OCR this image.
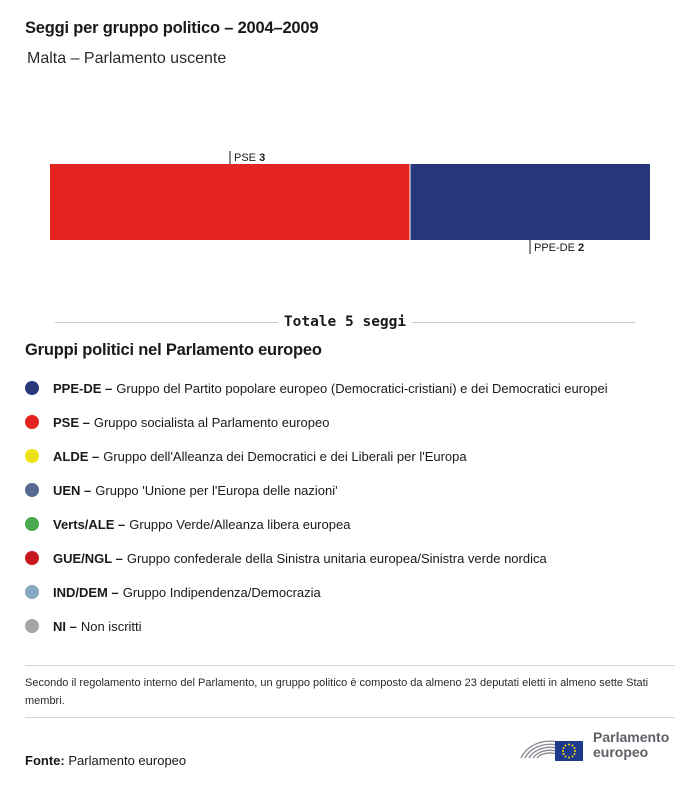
Seggi per gruppo politico – 2004–2009
Malta – Parlamento uscente
PSE 3
PPE-DE 2
Totale 5 seggi
Gruppi politici nel Parlamento europeo
PPE-DE – Gruppo del Partito popolare europeo (Democratici-cristiani) e dei Democratici europei
PSE – Gruppo socialista al Parlamento europeo
ALDE – Gruppo dell'Alleanza dei Democratici e dei Liberali per l'Europa
UEN – Gruppo 'Unione per l'Europa delle nazioni'
Verts/ALE – Gruppo Verde/Alleanza libera europea
GUE/NGL – Gruppo confederale della Sinistra unitaria europea/Sinistra verde nordica
IND/DEM – Gruppo Indipendenza/Democrazia
NI – Non iscritti
Secondo il regolamento interno del Parlamento, un gruppo politico è composto da almeno 23 deputati eletti in almeno sette Stati membri.
Fonte: Parlamento europeo
Parlamento
europeo
